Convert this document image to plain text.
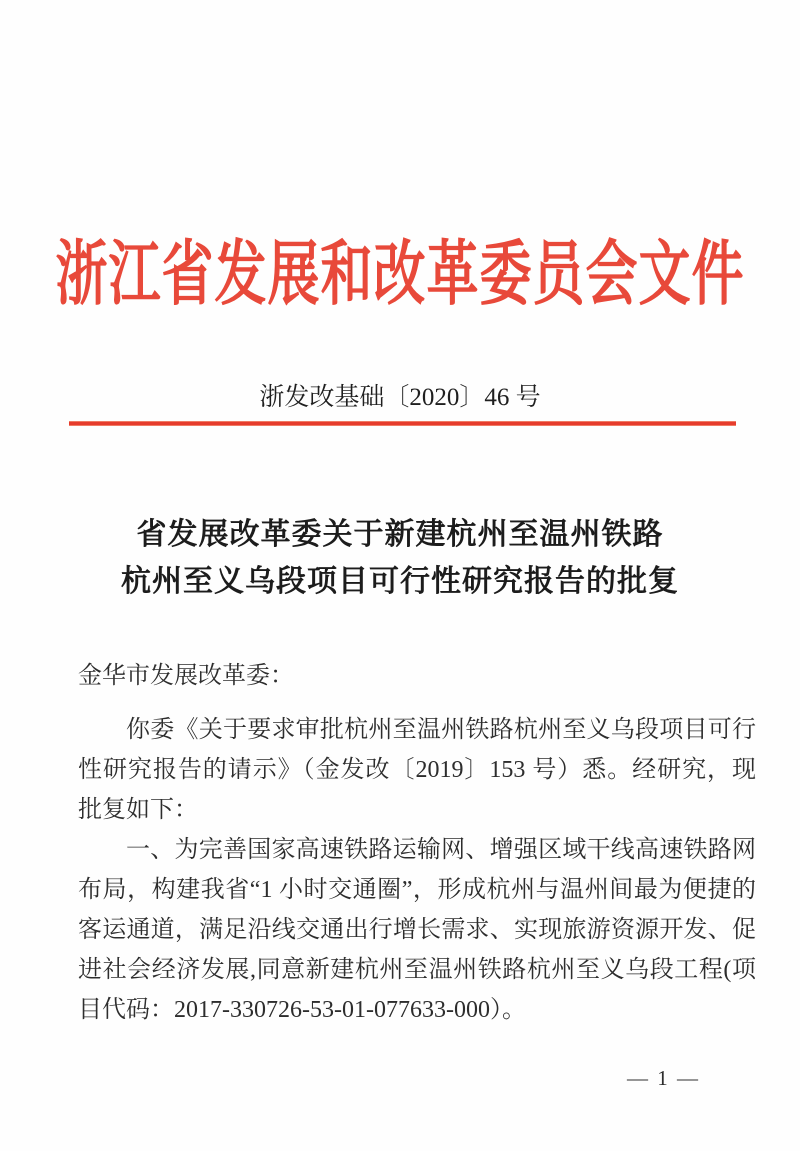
浙江省发展和改革委员会文件
浙发改基础〔2020〕46 号
省发展改革委关于新建杭州至温州铁路
杭州至义乌段项目可行性研究报告的批复
金华市发展改革委：
你委《关于要求审批杭州至温州铁路杭州至义乌段项目可行
性研究报告的请示》（金发改〔2019〕153 号）悉。经研究，现
批复如下：
一、为完善国家高速铁路运输网、增强区域干线高速铁路网
布局，构建我省“1 小时交通圈”，形成杭州与温州间最为便捷的
客运通道，满足沿线交通出行增长需求、实现旅游资源开发、促
进社会经济发展,同意新建杭州至温州铁路杭州至义乌段工程(项
目代码：2017-330726-53-01-077633-000）。
— 1 —
